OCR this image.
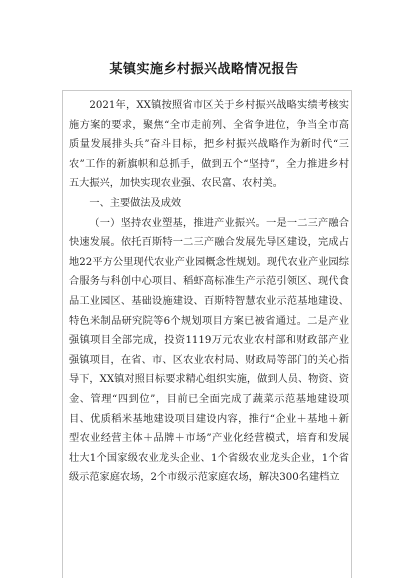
某镇实施乡村振兴战略情况报告

2021年，XX镇按照省市区关于乡村振兴战略实绩考核实施方案的要求，聚焦“全市走前列、全省争进位，争当全市高质量发展排头兵”奋斗目标，把乡村振兴战略作为新时代“三农”工作的新旗帜和总抓手，做到五个“坚持”，全力推进乡村五大振兴，加快实现农业强、农民富、农村美。

一、主要做法及成效

（一）坚持农业塑基，推进产业振兴。一是一二三产融合快速发展。依托百斯特一二三产融合发展先导区建设，完成占地22平方公里现代农业产业园概念性规划。现代农业产业园综合服务与科创中心项目、稻虾高标准生产示范引领区、现代食品工业园区、基础设施建设、百斯特智慧农业示范基地建设、特色米制品研究院等6个规划项目方案已被省通过。二是产业强镇项目全部完成，投资1119万元农业农村部和财政部产业强镇项目，在省、市、区农业农村局、财政局等部门的关心指导下，XX镇对照目标要求精心组织实施，做到人员、物资、资金、管理“四到位”，目前已全面完成了蔬菜示范基地建设项目、优质稻米基地建设项目建设内容，推行“企业＋基地＋新型农业经营主体＋品牌＋市场”产业化经营模式，培育和发展壮大1个国家级农业龙头企业、1个省级农业龙头企业，1个省级示范家庭农场，2个市级示范家庭农场，解决300名建档立
